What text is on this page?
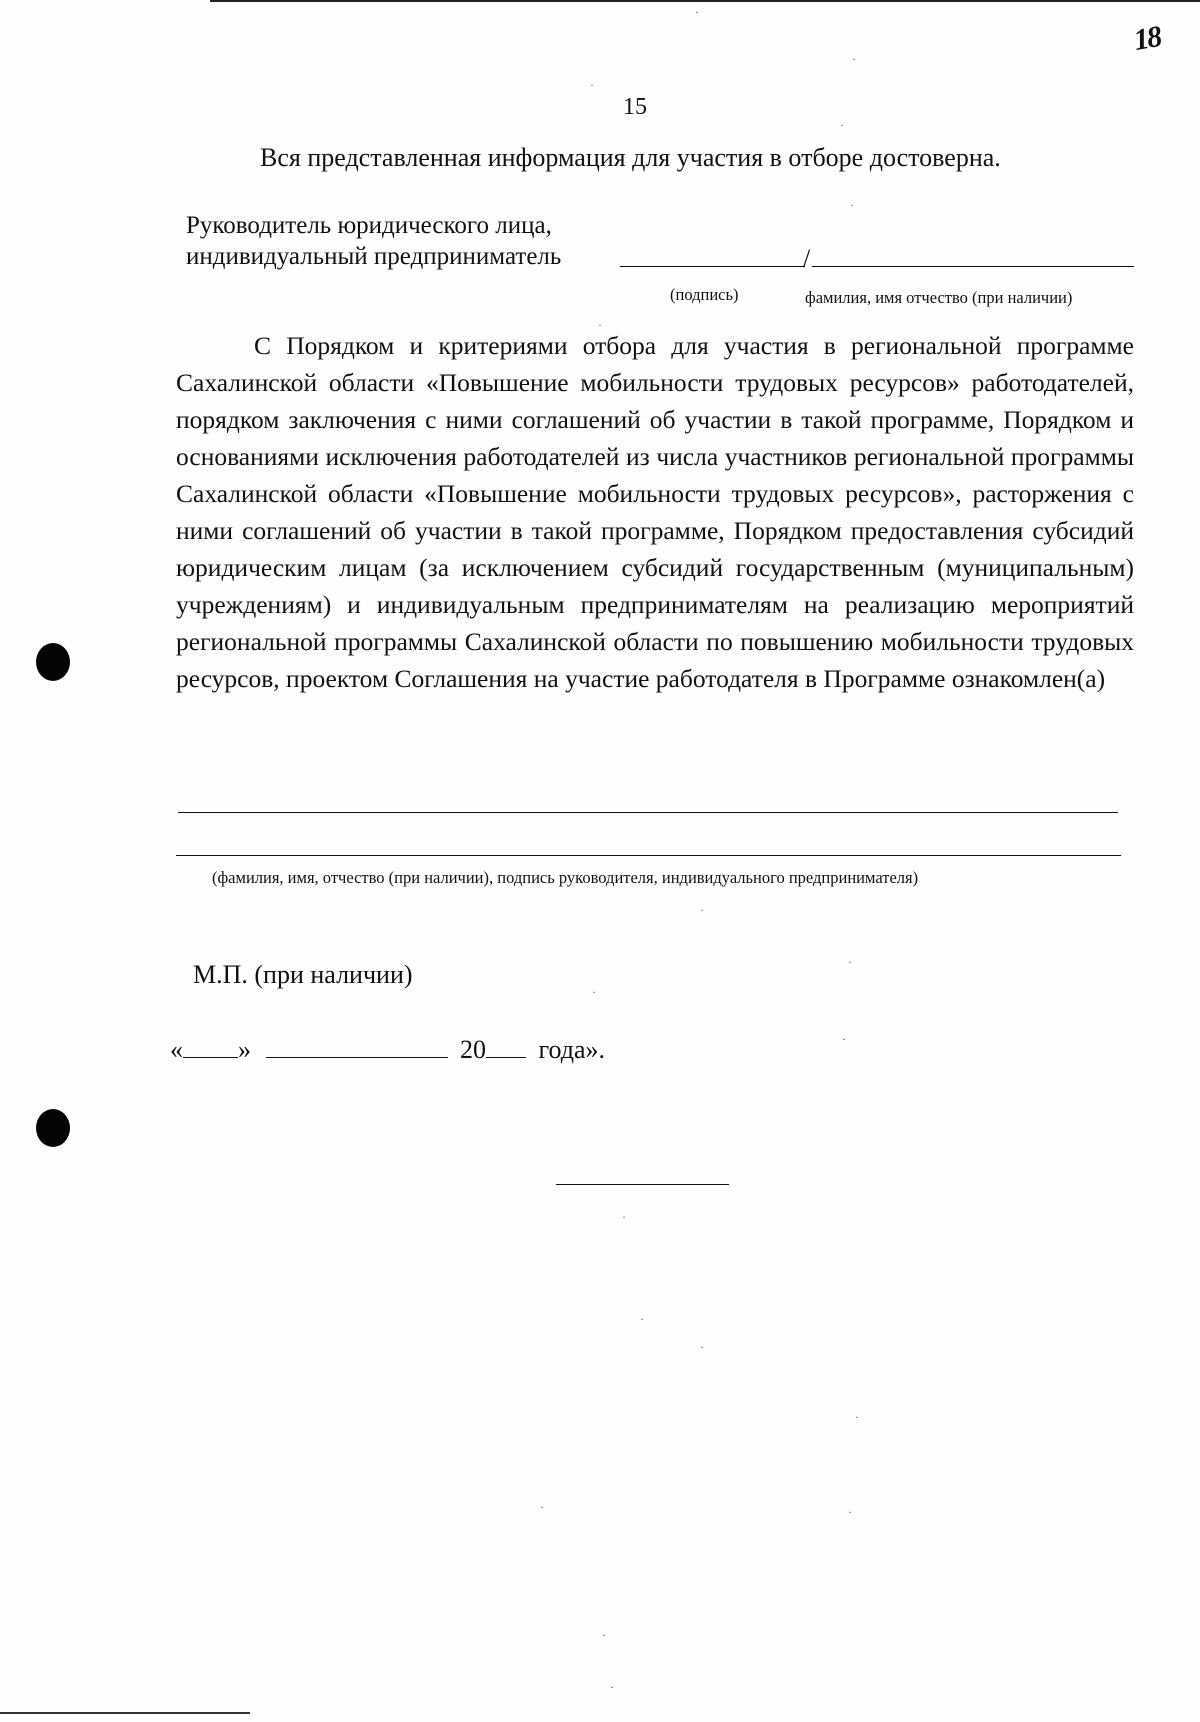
18
15
Вся представленная информация для участия в отборе достоверна.
Руководитель юридического лица,
индивидуальный предприниматель	/
(подпись)	фамилия, имя отчество (при наличии)
С Порядком и критериями отбора для участия в региональной программе Сахалинской области «Повышение мобильности трудовых ресурсов» работодателей, порядком заключения с ними соглашений об участии в такой программе, Порядком и основаниями исключения работодателей из числа участников региональной программы Сахалинской области «Повышение мобильности трудовых ресурсов», расторжения с ними соглашений об участии в такой программе, Порядком предоставления субсидий юридическим лицам (за исключением субсидий государственным (муниципальным) учреждениям) и индивидуальным предпринимателям на реализацию мероприятий региональной программы Сахалинской области по повышению мобильности трудовых ресурсов, проектом Соглашения на участие работодателя в Программе ознакомлен(а)
(фамилия, имя, отчество (при наличии), подпись руководителя, индивидуального предпринимателя)
М.П. (при наличии)
« »	20 года».
·
·
·
·
·
·
·
·
·
·
·
·
·
·
·	·
·
·
